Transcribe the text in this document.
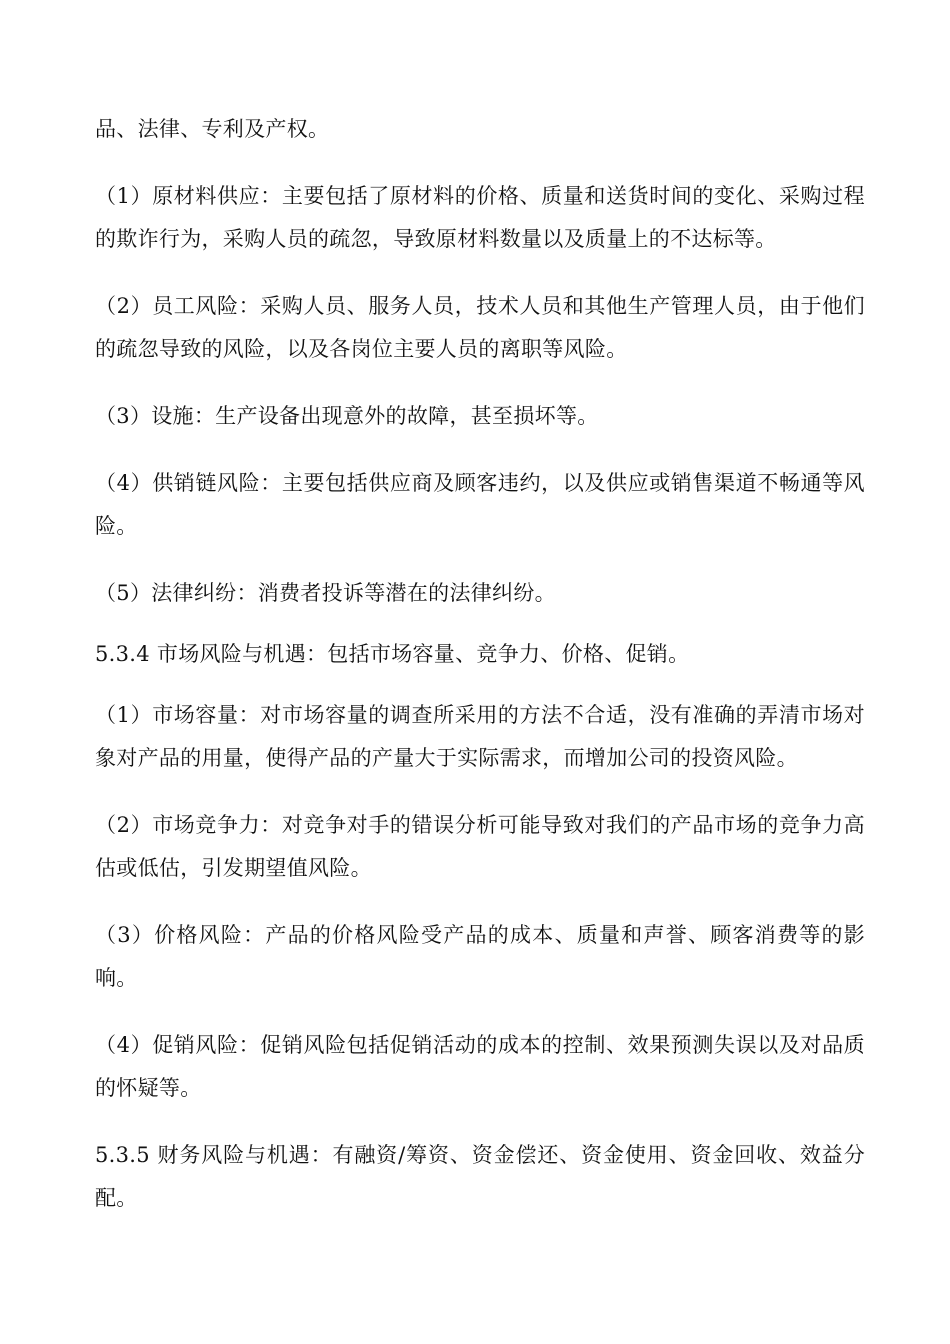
品、法律、专利及产权。

（1）原材料供应：主要包括了原材料的价格、质量和送货时间的变化、采购过程的欺诈行为，采购人员的疏忽，导致原材料数量以及质量上的不达标等。

（2）员工风险：采购人员、服务人员，技术人员和其他生产管理人员，由于他们的疏忽导致的风险，以及各岗位主要人员的离职等风险。

（3）设施：生产设备出现意外的故障，甚至损坏等。

（4）供销链风险：主要包括供应商及顾客违约，以及供应或销售渠道不畅通等风险。

（5）法律纠纷：消费者投诉等潜在的法律纠纷。

5.3.4 市场风险与机遇：包括市场容量、竞争力、价格、促销。

（1）市场容量：对市场容量的调查所采用的方法不合适，没有准确的弄清市场对象对产品的用量，使得产品的产量大于实际需求，而增加公司的投资风险。

（2）市场竞争力：对竞争对手的错误分析可能导致对我们的产品市场的竞争力高估或低估，引发期望值风险。

（3）价格风险：产品的价格风险受产品的成本、质量和声誉、顾客消费等的影响。

（4）促销风险：促销风险包括促销活动的成本的控制、效果预测失误以及对品质的怀疑等。

5.3.5 财务风险与机遇：有融资/筹资、资金偿还、资金使用、资金回收、效益分配。
